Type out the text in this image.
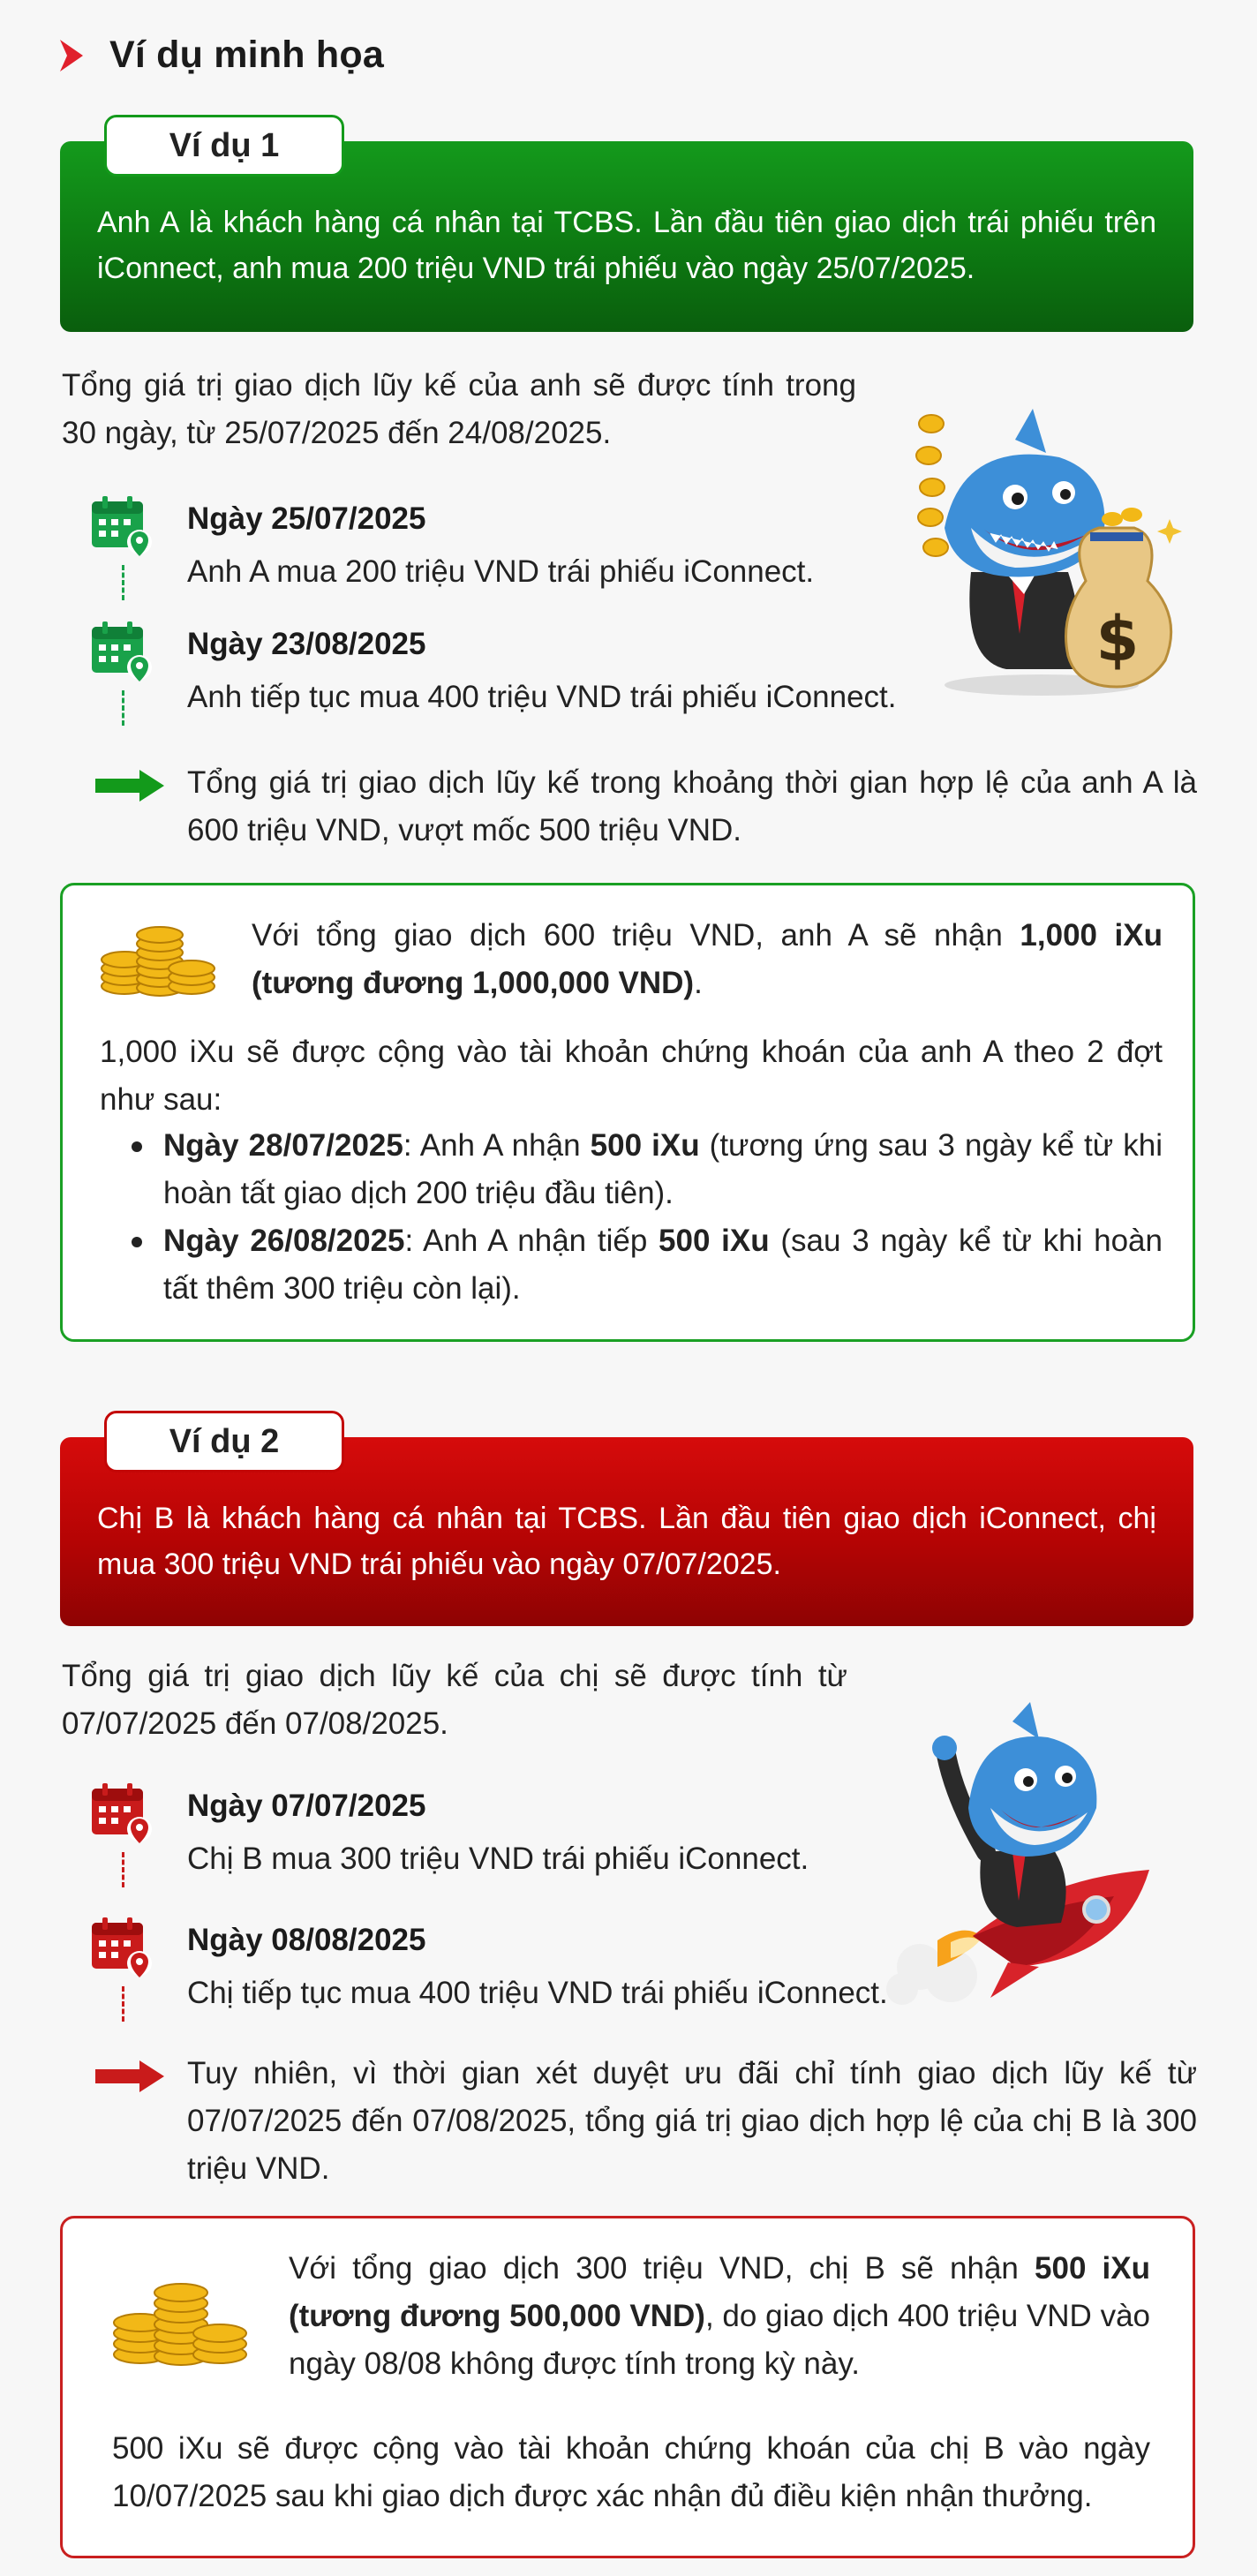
Ví dụ minh họa
Ví dụ 1
Anh A là khách hàng cá nhân tại TCBS. Lần đầu tiên giao dịch trái phiếu trên iConnect, anh mua 200 triệu VND trái phiếu vào ngày 25/07/2025.
Tổng giá trị giao dịch lũy kế của anh sẽ được tính trong 30 ngày, từ 25/07/2025 đến 24/08/2025.
$
Ngày 25/07/2025
Anh A mua 200 triệu VND trái phiếu iConnect.
Ngày 23/08/2025
Anh tiếp tục mua 400 triệu VND trái phiếu iConnect.

Tổng giá trị giao dịch lũy kế trong khoảng thời gian hợp lệ của anh A là 600 triệu VND, vượt mốc 500 triệu VND.

Với tổng giao dịch 600 triệu VND, anh A sẽ nhận 1,000 iXu (tương đương 1,000,000 VND).
1,000 iXu sẽ được cộng vào tài khoản chứng khoán của anh A theo 2 đợt như sau:
Ngày 28/07/2025: Anh A nhận 500 iXu (tương ứng sau 3 ngày kể từ khi hoàn tất giao dịch 200 triệu đầu tiên).
Ngày 26/08/2025: Anh A nhận tiếp 500 iXu (sau 3 ngày kể từ khi hoàn tất thêm 300 triệu còn lại).
Ví dụ 2
Chị B là khách hàng cá nhân tại TCBS. Lần đầu tiên giao dịch iConnect, chị mua 300 triệu VND trái phiếu vào ngày 07/07/2025.
Tổng giá trị giao dịch lũy kế của chị sẽ được tính từ 07/07/2025 đến 07/08/2025.
Ngày 07/07/2025
Chị B mua 300 triệu VND trái phiếu iConnect.
Ngày 08/08/2025
Chị tiếp tục mua 400 triệu VND trái phiếu iConnect.

Tuy nhiên, vì thời gian xét duyệt ưu đãi chỉ tính giao dịch lũy kế từ 07/07/2025 đến 07/08/2025, tổng giá trị giao dịch hợp lệ của chị B là 300 triệu VND.

Với tổng giao dịch 300 triệu VND, chị B sẽ nhận 500 iXu (tương đương 500,000 VND), do giao dịch 400 triệu VND vào ngày 08/08 không được tính trong kỳ này.
500 iXu sẽ được cộng vào tài khoản chứng khoán của chị B vào ngày 10/07/2025 sau khi giao dịch được xác nhận đủ điều kiện nhận thưởng.
